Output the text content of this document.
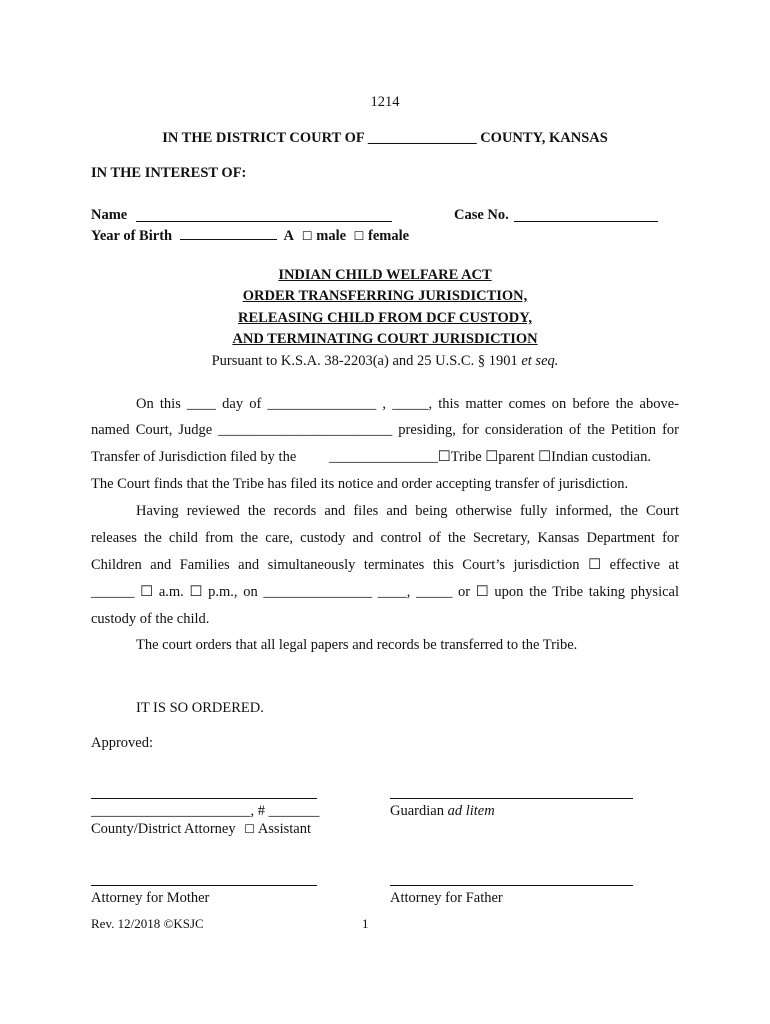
1214
IN THE DISTRICT COURT OF _______________ COUNTY, KANSAS
IN THE INTEREST OF:
Name	Case No.
Year of Birth	A ☐ male ☐ female
INDIAN CHILD WELFARE ACT
ORDER TRANSFERRING JURISDICTION,
RELEASING CHILD FROM DCF CUSTODY,
AND TERMINATING COURT JURISDICTION
Pursuant to K.S.A. 38-2203(a) and 25 U.S.C. § 1901 et seq.
On this ____ day of _______________ , _____, this matter comes on before the above-
named Court, Judge ________________________ presiding, for consideration of the Petition for
Transfer of Jurisdiction filed by the _______________☐Tribe ☐parent ☐Indian custodian.
The Court finds that the Tribe has filed its notice and order accepting transfer of jurisdiction.
Having reviewed the records and files and being otherwise fully informed, the Court
releases the child from the care, custody and control of the Secretary, Kansas Department for
Children and Families and simultaneously terminates this Court’s jurisdiction ☐ effective at
______ ☐ a.m. ☐ p.m., on _______________ ____, _____ or ☐ upon the Tribe taking physical
custody of the child.
The court orders that all legal papers and records be transferred to the Tribe.
IT IS SO ORDERED.
Approved:
______________________, # _______
County/District Attorney ☐ Assistant
Guardian ad litem
Attorney for Mother	Attorney for Father
Rev. 12/2018 ©KSJC	1
